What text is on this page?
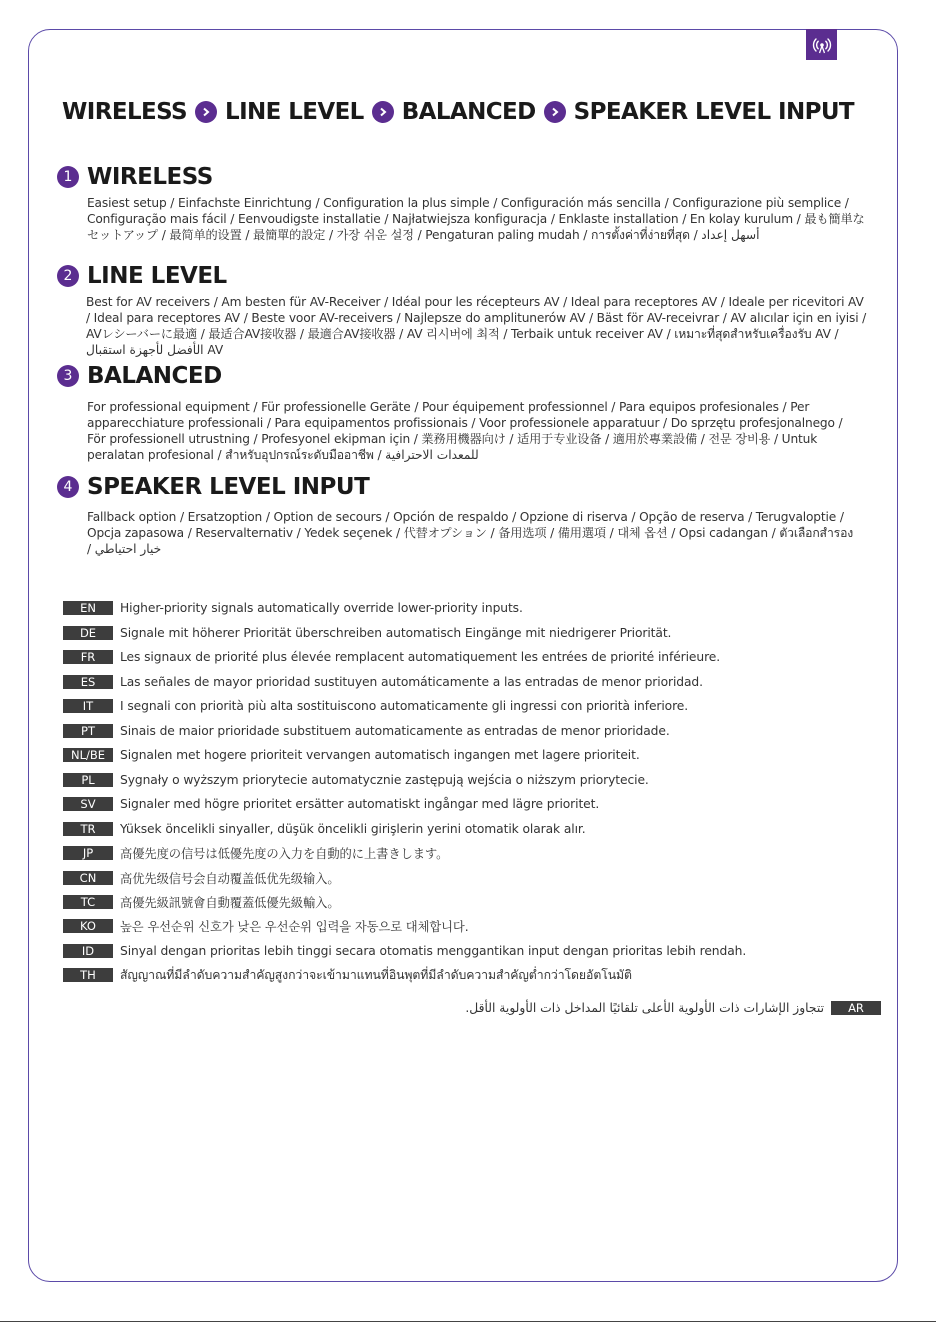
WIRELESS LINE LEVEL BALANCED SPEAKER LEVEL INPUT
1 WIRELESS
Easiest setup / Einfachste Einrichtung / Configuration la plus simple / Configuración más sencilla / Configurazione più semplice / Configuração mais fácil / Eenvoudigste installatie / Najłatwiejsza konfiguracja / Enklaste installation / En kolay kurulum / 最も簡単なセットアップ / 最简单的设置 / 最簡單的設定 / 가장 쉬운 설정 / Pengaturan paling mudah / การตั้งค่าที่ง่ายที่สุด / أسهل إعداد
2 LINE LEVEL
Best for AV receivers / Am besten für AV-Receiver / Idéal pour les récepteurs AV / Ideal para receptores AV / Ideale per ricevitori AV / Ideal para receptores AV / Beste voor AV-receivers / Najlepsze do amplitunerów AV / Bäst för AV-receivrar / AV alıcılar için en iyisi / AVレシーバーに最適 / 最适合AV接收器 / 最適合AV接收器 / AV 리시버에 최적 / Terbaik untuk receiver AV / เหมาะที่สุดสำหรับเครื่องรับ AV / الأفضل لأجهزة استقبال AV
3 BALANCED
For professional equipment / Für professionelle Geräte / Pour équipement professionnel / Para equipos profesionales / Per apparecchiature professionali / Para equipamentos profissionais / Voor professionele apparatuur / Do sprzętu profesjonalnego / För professionell utrustning / Profesyonel ekipman için / 業務用機器向け / 适用于专业设备 / 適用於專業設備 / 전문 장비용 / Untuk peralatan profesional / สำหรับอุปกรณ์ระดับมืออาชีพ / للمعدات الاحترافية
4 SPEAKER LEVEL INPUT
Fallback option / Ersatzoption / Option de secours / Opción de respaldo / Opzione di riserva / Opção de reserva / Terugvaloptie / Opcja zapasowa / Reservalternativ / Yedek seçenek / 代替オプション / 备用选项 / 備用選項 / 대체 옵션 / Opsi cadangan / ตัวเลือกสำรอง / خيار احتياطي
EN	Higher-priority signals automatically override lower-priority inputs.
DE	Signale mit höherer Priorität überschreiben automatisch Eingänge mit niedrigerer Priorität.
FR	Les signaux de priorité plus élevée remplacent automatiquement les entrées de priorité inférieure.
ES	Las señales de mayor prioridad sustituyen automáticamente a las entradas de menor prioridad.
IT	I segnali con priorità più alta sostituiscono automaticamente gli ingressi con priorità inferiore.
PT	Sinais de maior prioridade substituem automaticamente as entradas de menor prioridade.
NL/BE	Signalen met hogere prioriteit vervangen automatisch ingangen met lagere prioriteit.
PL	Sygnały o wyższym priorytecie automatycznie zastępują wejścia o niższym priorytecie.
SV	Signaler med högre prioritet ersätter automatiskt ingångar med lägre prioritet.
TR	Yüksek öncelikli sinyaller, düşük öncelikli girişlerin yerini otomatik olarak alır.
JP	高優先度の信号は低優先度の入力を自動的に上書きします。
CN	高优先级信号会自动覆盖低优先级输入。
TC	高優先級訊號會自動覆蓋低優先級輸入。
KO	높은 우선순위 신호가 낮은 우선순위 입력을 자동으로 대체합니다.
ID	Sinyal dengan prioritas lebih tinggi secara otomatis menggantikan input dengan prioritas lebih rendah.
TH	สัญญาณที่มีลำดับความสำคัญสูงกว่าจะเข้ามาแทนที่อินพุตที่มีลำดับความสำคัญต่ำกว่าโดยอัตโนมัติ
تتجاوز الإشارات ذات الأولوية الأعلى تلقائيًا المداخل ذات الأولوية الأقل.	AR
